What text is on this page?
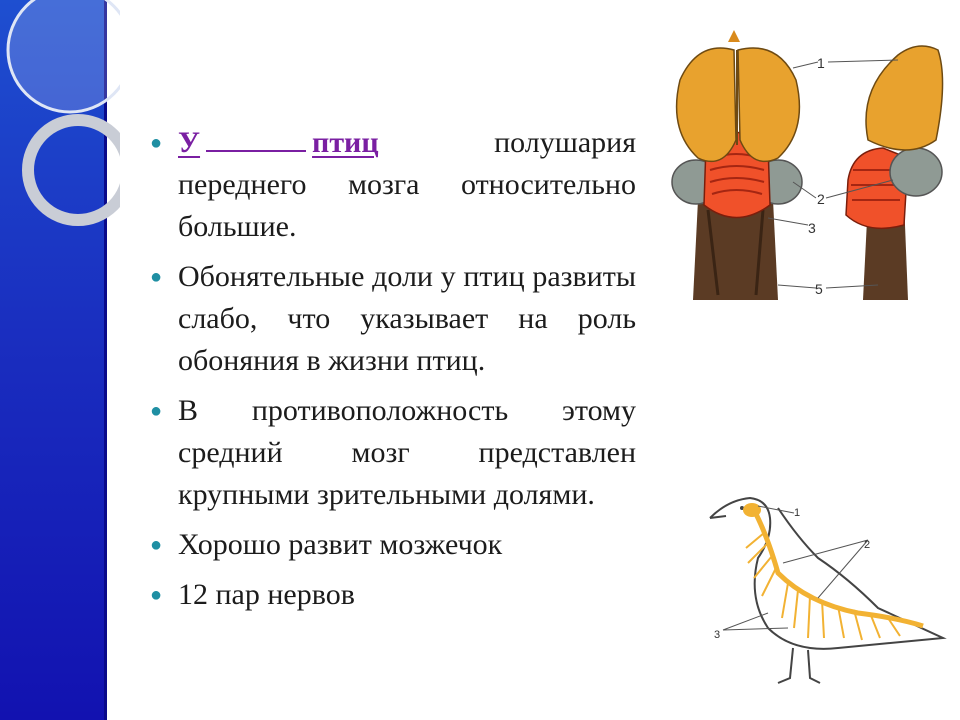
● У	птиц	полушария
переднего мозга относительно большие.
● Обонятельные доли у птиц развиты слабо, что указывает на роль обоняния в жизни птиц.
● В противоположность этому средний мозг представлен крупными зрительными долями.
● Хорошо развит мозжечок
● 12 пар нервов
1
2
3
5
1
2
3
